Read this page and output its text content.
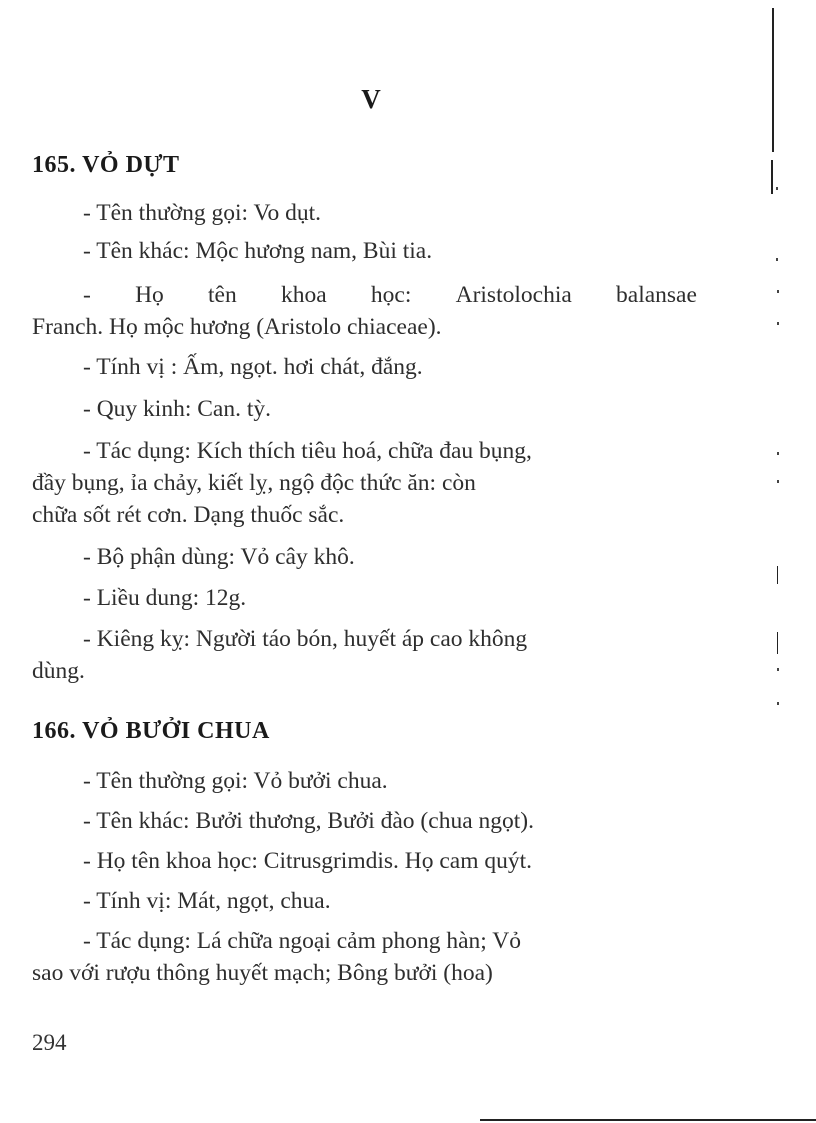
V
165. VỎ DỰT
- Tên thường gọi: Vo dụt.
- Tên khác: Mộc hương nam, Bùi tia.
- Họ tên khoa học: Aristolochia balansae
Franch. Họ mộc hương (Aristolo chiaceae).
- Tính vị : Ấm, ngọt. hơi chát, đắng.
- Quy kinh: Can. tỳ.
- Tác dụng: Kích thích tiêu hoá, chữa đau bụng,
đầy bụng, ỉa chảy, kiết lỵ, ngộ độc thức ăn: còn
chữa sốt rét cơn. Dạng thuốc sắc.
- Bộ phận dùng: Vỏ cây khô.
- Liều dung: 12g.
- Kiêng kỵ: Người táo bón, huyết áp cao không
dùng.
166. VỎ BƯỞI CHUA
- Tên thường gọi: Vỏ bưởi chua.
- Tên khác: Bưởi thương, Bưởi đào (chua ngọt).
- Họ tên khoa học: Citrusgrimdis. Họ cam quýt.
- Tính vị: Mát, ngọt, chua.
- Tác dụng: Lá chữa ngoại cảm phong hàn; Vỏ
sao với rượu thông huyết mạch; Bông bưởi (hoa)
294
